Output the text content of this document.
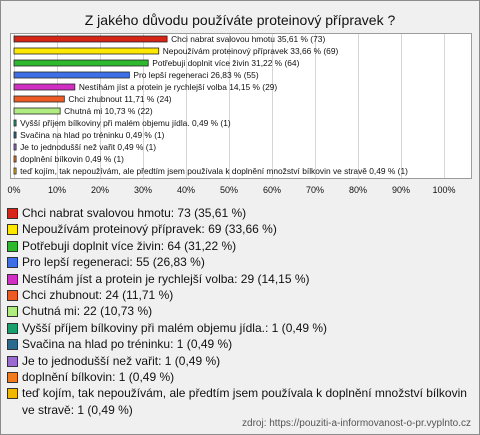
Z jakého důvodu používáte proteinový přípravek ?
Chci nabrat svalovou hmotu 35,61 % (73)
Nepoužívám proteinový přípravek 33,66 % (69)
Potřebuji doplnit více živin 31,22 % (64)
Pro lepší regeneraci 26,83 % (55)
Nestíhám jíst a protein je rychlejší volba 14,15 % (29)
Chci zhubnout 11,71 % (24)
Chutná mi 10,73 % (22)
Vyšší příjem bílkoviny při malém objemu jídla. 0,49 % (1)
Svačina na hlad po tréninku 0,49 % (1)
Je to jednodušší než vařit 0,49 % (1)
doplnění bílkovin 0,49 % (1)
teď kojím, tak nepoužívám, ale předtím jsem používala k doplnění množství bílkovin ve stravě 0,49 % (1)
0%	10%	20%	30%	40%	50%	60%	70%	80%	90% 100%
Chci nabrat svalovou hmotu: 73 (35,61 %)
Nepoužívám proteinový přípravek: 69 (33,66 %)
Potřebuji doplnit více živin: 64 (31,22 %)
Pro lepší regeneraci: 55 (26,83 %)
Nestíhám jíst a protein je rychlejší volba: 29 (14,15 %)
Chci zhubnout: 24 (11,71 %)
Chutná mi: 22 (10,73 %)
Vyšší příjem bílkoviny při malém objemu jídla.: 1 (0,49 %)
Svačina na hlad po tréninku: 1 (0,49 %)
Je to jednodušší než vařit: 1 (0,49 %)
doplnění bílkovin: 1 (0,49 %)
teď kojím, tak nepoužívám, ale předtím jsem používala k doplnění množství bílkovin ve stravě: 1 (0,49 %)
zdroj: https://pouziti-a-informovanost-o-pr.vyplnto.cz
